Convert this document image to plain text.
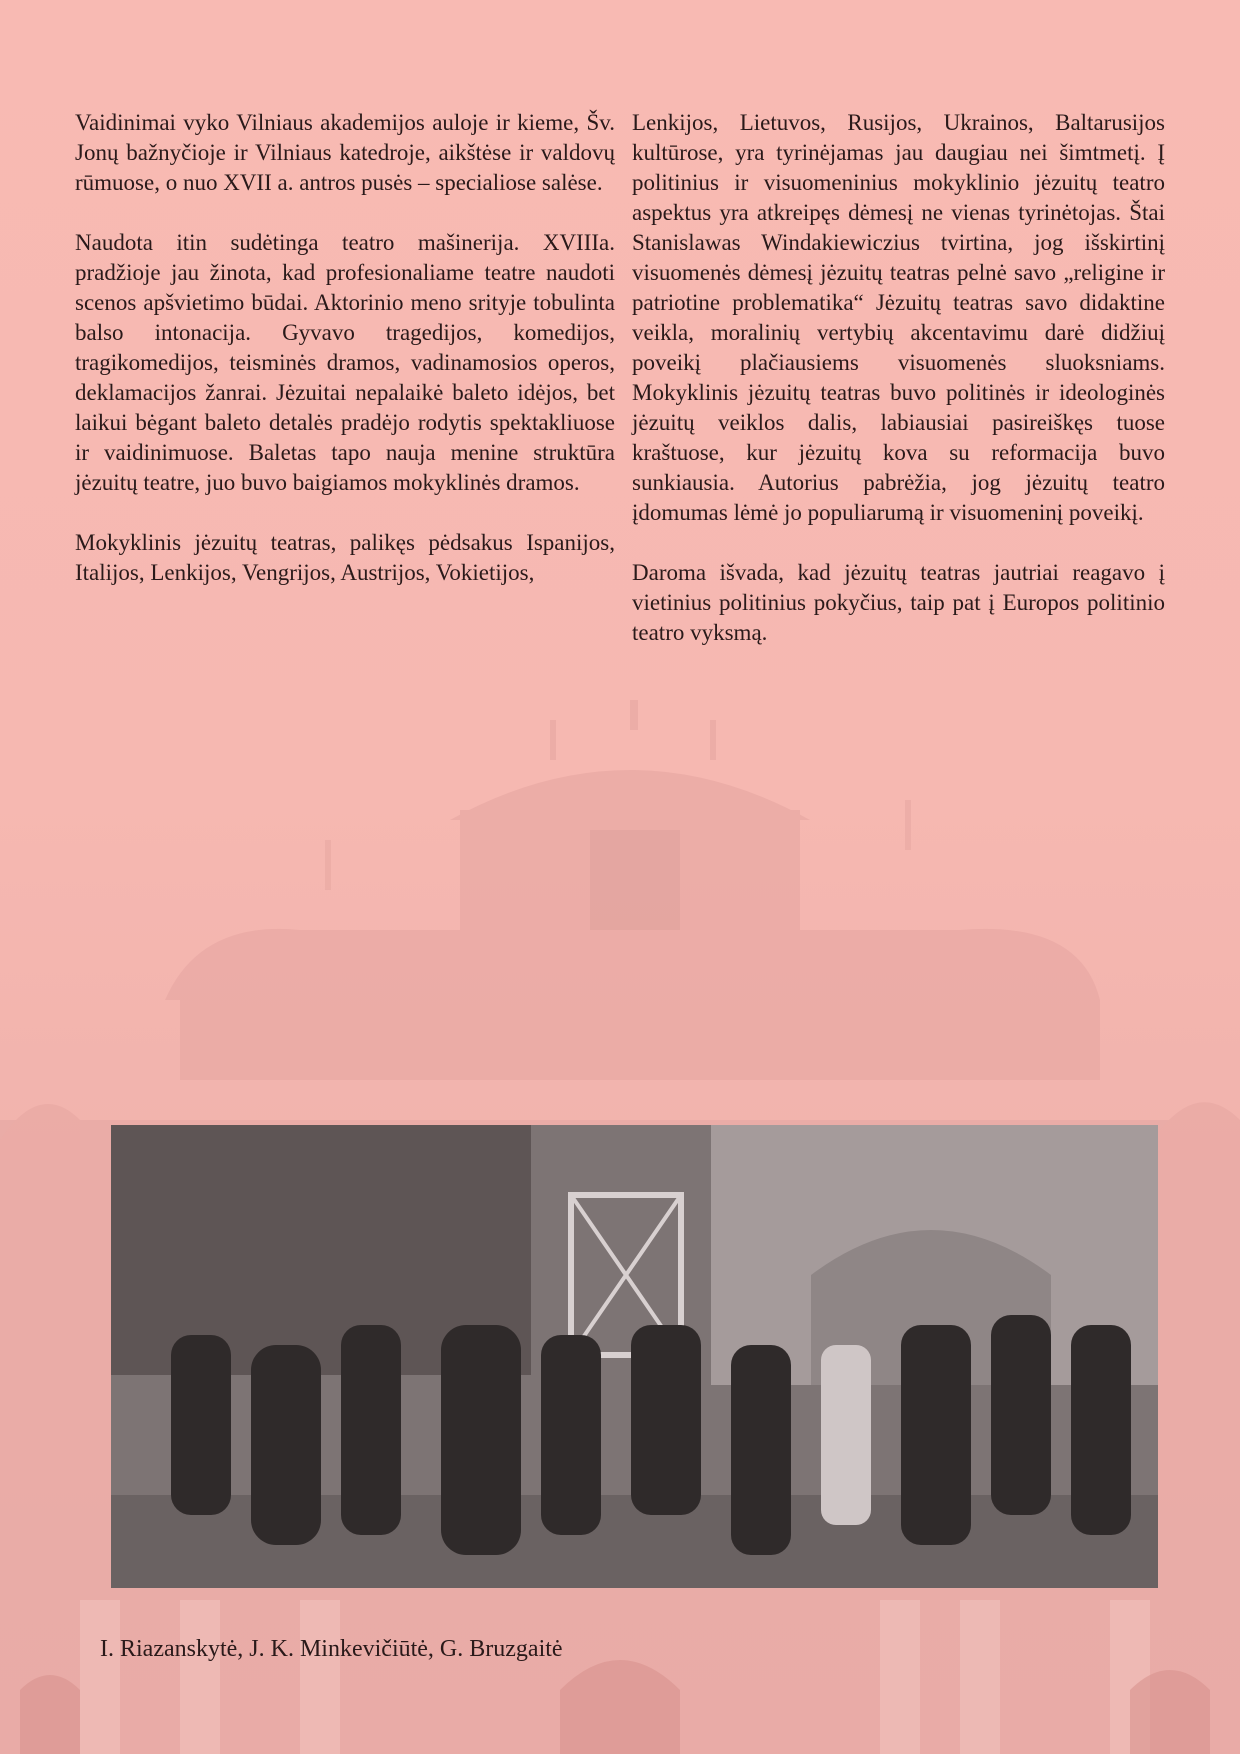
Vaidinimai vyko Vilniaus akademijos auloje ir kieme, Šv. Jonų bažnyčioje ir Vilniaus katedroje, aikštėse ir valdovų rūmuose, o nuo XVII a. antros pusės – specialiose salėse.

Naudota itin sudėtinga teatro mašinerija. XVIIIa. pradžioje jau žinota, kad profesionaliame teatre naudoti scenos apšvietimo būdai. Aktorinio meno srityje tobulinta balso intonacija. Gyvavo tragedijos, komedijos, tragikomedijos, teisminės dramos, vadinamosios operos, deklamacijos žanrai. Jėzuitai nepalaikė baleto idėjos, bet laikui bėgant baleto detalės pradėjo rodytis spektakliuose ir vaidinimuose. Baletas tapo nauja menine struktūra jėzuitų teatre, juo buvo baigiamos mokyklinės dramos.

Mokyklinis jėzuitų teatras, palikęs pėdsakus Ispanijos, Italijos, Lenkijos, Vengrijos, Austrijos, Vokietijos,

Lenkijos, Lietuvos, Rusijos, Ukrainos, Baltarusijos kultūrose, yra tyrinėjamas jau daugiau nei šimtmetį. Į politinius ir visuomeninius mokyklinio jėzuitų teatro aspektus yra atkreipęs dėmesį ne vienas tyrinėtojas. Štai Stanislawas Windakiewiczius tvirtina, jog išskirtinį visuomenės dėmesį jėzuitų teatras pelnė savo „religine ir patriotine problematika“ Jėzuitų teatras savo didaktine veikla, moralinių vertybių akcentavimu darė didžiuį poveikį plačiausiems visuomenės sluoksniams. Mokyklinis jėzuitų teatras buvo politinės ir ideologinės jėzuitų veiklos dalis, labiausiai pasireiškęs tuose kraštuose, kur jėzuitų kova su reformacija buvo sunkiausia. Autorius pabrėžia, jog jėzuitų teatro įdomumas lėmė jo populiarumą ir visuomeninį poveikį.

Daroma išvada, kad jėzuitų teatras jautriai reagavo į vietinius politinius pokyčius, taip pat į Europos politinio teatro vyksmą.

I. Riazanskytė, J. K. Minkevičiūtė, G. Bruzgaitė
